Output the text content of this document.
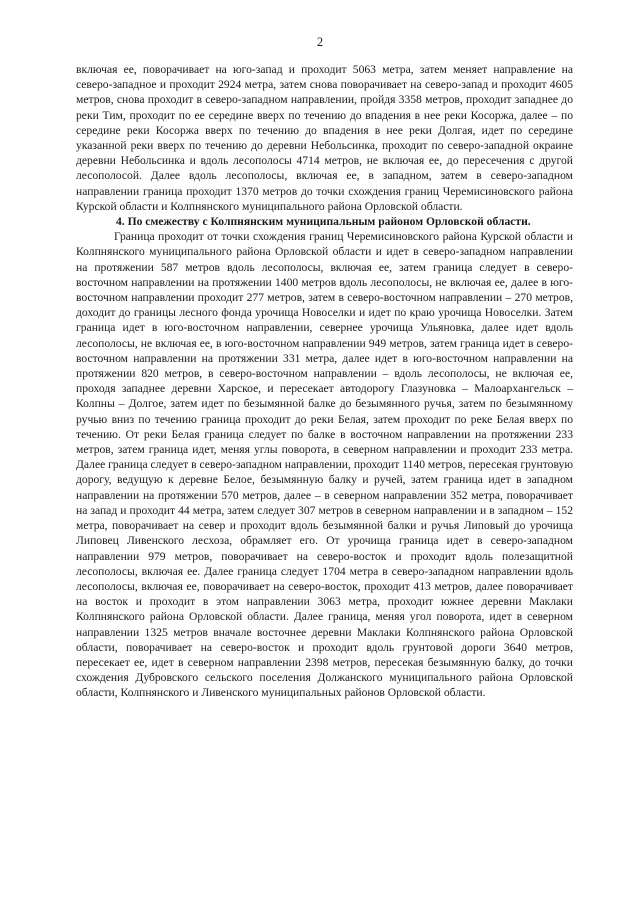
2

включая ее, поворачивает на юго-запад и проходит 5063 метра, затем меняет направление на северо-западное и проходит 2924 метра, затем снова поворачивает на северо-запад и проходит 4605 метров, снова проходит в северо-западном направлении, пройдя 3358 метров, проходит западнее до реки Тим, проходит по ее середине вверх по течению до впадения в нее реки Косоржа, далее – по середине реки Косоржа вверх по течению до впадения в нее реки Долгая, идет по середине указанной реки вверх по течению до деревни Небольсинка, проходит по северо-западной окраине деревни Небольсинка и вдоль лесополосы 4714 метров, не включая ее, до пересечения с другой лесополосой. Далее вдоль лесополосы, включая ее, в западном, затем в северо-западном направлении граница проходит 1370 метров до точки схождения границ Черемисиновского района Курской области и Колпнянского муниципального района Орловской области.

4. По смежеству с Колпнянским муниципальным районом Орловской области.

Граница проходит от точки схождения границ Черемисиновского района Курской области и Колпнянского муниципального района Орловской области и идет в северо-западном направлении на протяжении 587 метров вдоль лесополосы, включая ее, затем граница следует в северо-восточном направлении на протяжении 1400 метров вдоль лесополосы, не включая ее, далее в юго-восточном направлении проходит 277 метров, затем в северо-восточном направлении – 270 метров, доходит до границы лесного фонда урочища Новоселки и идет по краю урочища Новоселки. Затем граница идет в юго-восточном направлении, севернее урочища Ульяновка, далее идет вдоль лесополосы, не включая ее, в юго-восточном направлении 949 метров, затем граница идет в северо-восточном направлении на протяжении 331 метра, далее идет в юго-восточном направлении на протяжении 820 метров, в северо-восточном направлении – вдоль лесополосы, не включая ее, проходя западнее деревни Харское, и пересекает автодорогу Глазуновка – Малоархангельск – Колпны – Долгое, затем идет по безымянной балке до безымянного ручья, затем по безымянному ручью вниз по течению граница проходит до реки Белая, затем проходит по реке Белая вверх по течению. От реки Белая граница следует по балке в восточном направлении на протяжении 233 метров, затем граница идет, меняя углы поворота, в северном направлении и проходит 233 метра. Далее граница следует в северо-западном направлении, проходит 1140 метров, пересекая грунтовую дорогу, ведущую к деревне Белое, безымянную балку и ручей, затем граница идет в западном направлении на протяжении 570 метров, далее – в северном направлении 352 метра, поворачивает на запад и проходит 44 метра, затем следует 307 метров в северном направлении и в западном – 152 метра, поворачивает на север и проходит вдоль безымянной балки и ручья Липовый до урочища Липовец Ливенского лесхоза, обрамляет его. От урочища граница идет в северо-западном направлении 979 метров, поворачивает на северо-восток и проходит вдоль полезащитной лесополосы, включая ее. Далее граница следует 1704 метра в северо-западном направлении вдоль лесополосы, включая ее, поворачивает на северо-восток, проходит 413 метров, далее поворачивает на восток и проходит в этом направлении 3063 метра, проходит южнее деревни Маклаки Колпнянского района Орловской области. Далее граница, меняя угол поворота, идет в северном направлении 1325 метров вначале восточнее деревни Маклаки Колпнянского района Орловской области, поворачивает на северо-восток и проходит вдоль грунтовой дороги 3640 метров, пересекает ее, идет в северном направлении 2398 метров, пересекая безымянную балку, до точки схождения Дубровского сельского поселения Должанского муниципального района Орловской области, Колпнянского и Ливенского муниципальных районов Орловской области.
